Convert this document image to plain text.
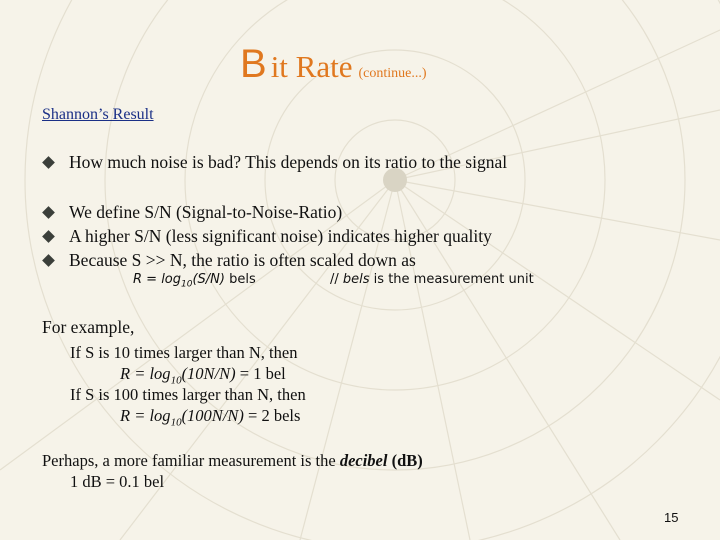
B it Rate (continue...)
Shannon’s Result
How much noise is bad? This depends on its ratio to the signal
We define S/N (Signal-to-Noise-Ratio)
A higher S/N (less significant noise) indicates higher quality
Because S >> N, the ratio is often scaled down as
$R = \log_{10}(S/N)$ bels	// bels is the measurement unit
For example,
If S is 10 times larger than N, then
$R = \log_{10}(10N/N) = 1$ bel
If S is 100 times larger than N, then
$R = \log_{10}(100N/N) = 2$ bels
Perhaps, a more familiar measurement is the decibel (dB)
1 dB = 0.1 bel
15
